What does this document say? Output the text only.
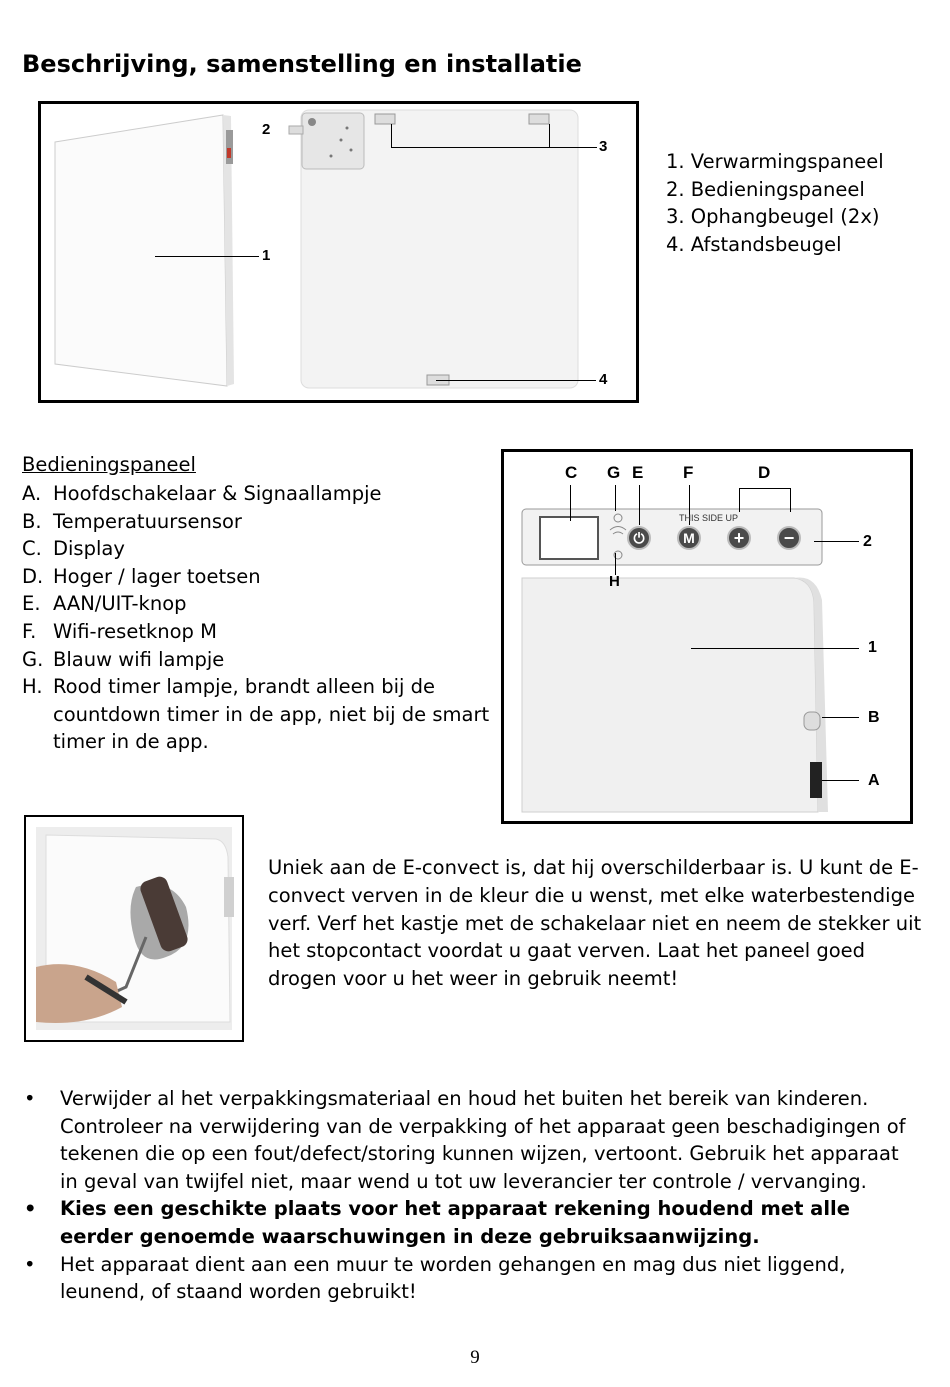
Beschrijving, samenstelling en installatie
1
2
3
4
1. Verwarmingspaneel
2. Bedieningspaneel
3. Ophangbeugel (2x)
4. Afstandsbeugel
Bedieningspaneel
A. Hoofdschakelaar & Signaallampje
B. Temperatuursensor
C. Display
D. Hoger / lager toetsen
E. AAN/UIT-knop
F. Wifi-resetknop M
G. Blauw wifi lampje
H. Rood timer lampje, brandt alleen bij de countdown timer in de app, niet bij de smart timer in de app.
C G E F	D
THIS SIDE UP
⏻	M	+	−
H
2
1
B
A

Uniek aan de E-convect is, dat hij overschilderbaar is. U kunt de E-convect verven in de kleur die u wenst, met elke waterbestendige verf. Verf het kastje met de schakelaar niet en neem de stekker uit het stopcontact voordat u gaat verven. Laat het paneel goed drogen voor u het weer in gebruik neemt!

• Verwijder al het verpakkingsmateriaal en houd het buiten het bereik van kinderen. Controleer na verwijdering van de verpakking of het apparaat geen beschadigingen of tekenen die op een fout/defect/storing kunnen wijzen, vertoont. Gebruik het apparaat in geval van twijfel niet, maar wend u tot uw leverancier ter controle / vervanging.
• Kies een geschikte plaats voor het apparaat rekening houdend met alle eerder genoemde waarschuwingen in deze gebruiksaanwijzing.
• Het apparaat dient aan een muur te worden gehangen en mag dus niet liggend, leunend, of staand worden gebruikt!
9
